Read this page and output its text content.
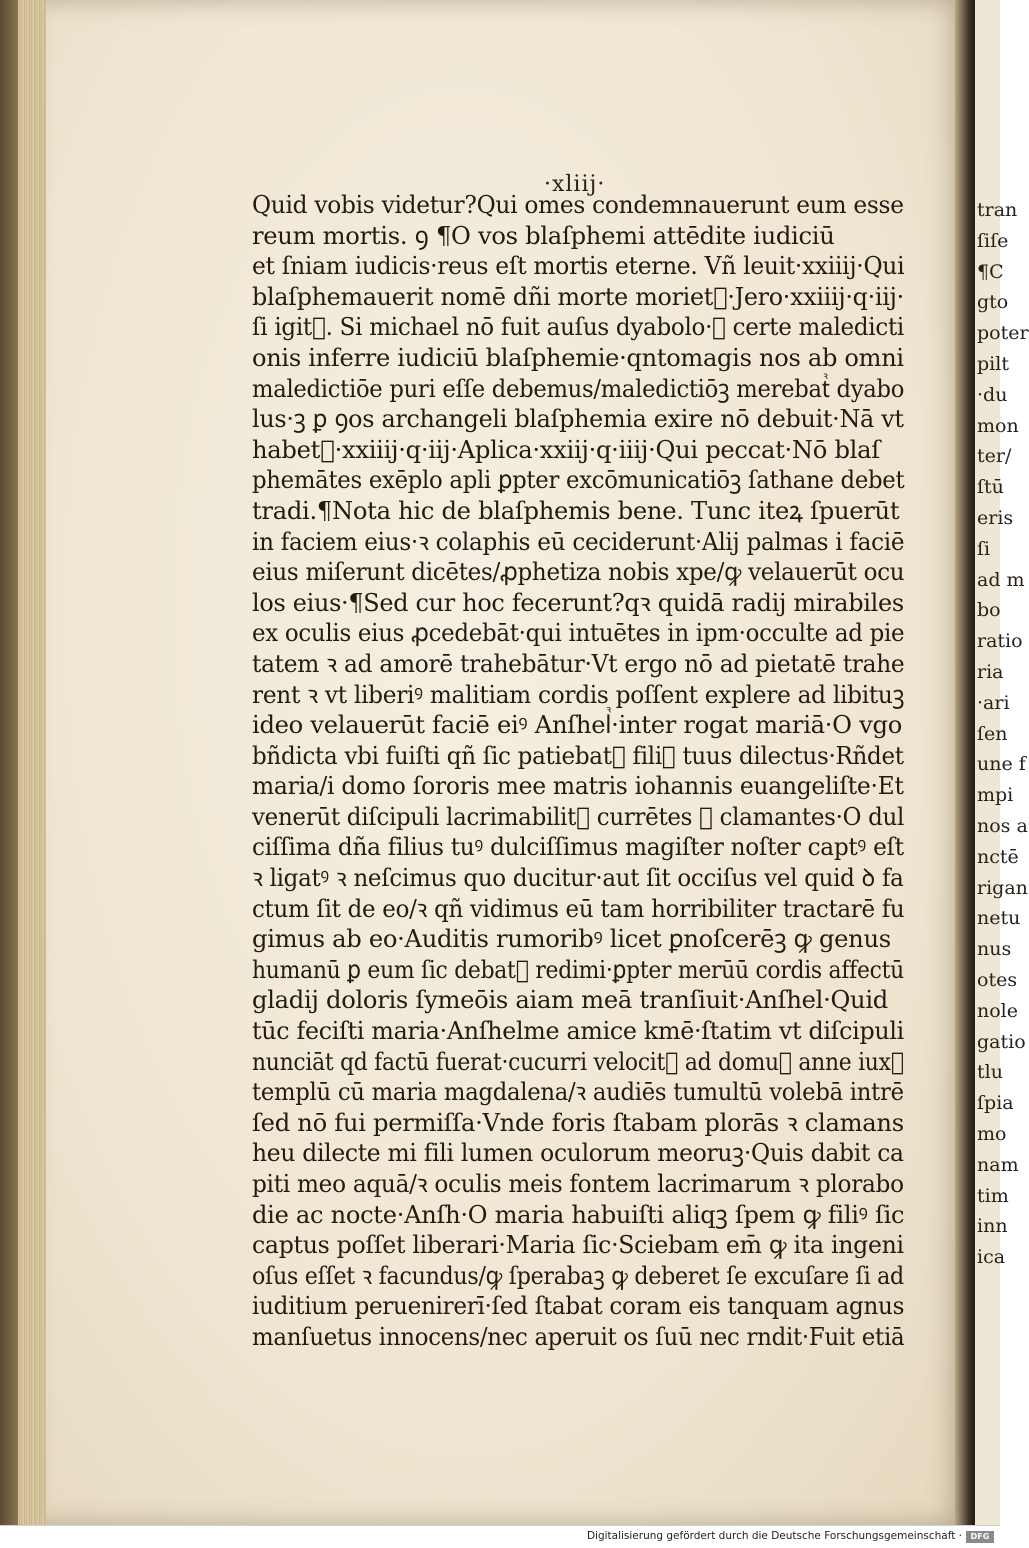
tran
ſiſe
¶C
gto
poter
pilt
·du
mon
ter/
ſtū
eris
ſi
ad m
bo
ratio
ria
·ari
ſen
une f
mpi
nos a
nctē
rigan
netu
nus
otes
nole
gatio
tlu
ſpia
mo
nam
tim
inn
ica
·xliij·
Quid vobis videtur?Qui omes condemnauerunt eum esse
reum mortis. ꝯ ¶O vos blaſphemi attēdite iudiciū
et ſniam iudicis·reus eſt mortis eterne. Vñ leuit·xxiiij·Qui
blaſphemauerit nomē dñi morte morietᷣ·Jero·xxiiij·q·iij·
ſi igitᷣ. Si michael nō fuit auſus dyabolo·ꝛ certe maledicti
onis inferre iudiciū blaſphemie·qntomagis nos ab omni
maledictiōe puri eſſe debemus/maledictiōꝫ merebatᷣ dyabo
lus·ꝫ ꝑ ꝯos archangeli blaſphemia exire nō debuit·Nā vt
habetᷣ·xxiiij·q·iij·Aplica·xxiij·q·iiij·Qui peccat·Nō blaſ
phemātes exēplo apli ꝑpter excōmunicatiōꝫ ſathane debet
tradi.¶Nota hic de blaſphemis bene. Tunc iteꝝ ſpuerūt
in faciem eius·ꝛ colaphis eū ceciderunt·Alij palmas i faciē
eius miſerunt dicētes/ꝓphetiza nobis xpe/ꝙ velauerūt ocu
los eius·¶Sed cur hoc fecerunt?qꝛ quidā radij mirabiles
ex oculis eius ꝓcedebāt·qui intuētes in ipm·occulte ad pie
tatem ꝛ ad amorē trahebātur·Vt ergo nō ad pietatē trahe
rent ꝛ vt liberiꝰ malitiam cordis poſſent explere ad libituꝫ
ideo velauerūt faciē eiꝰ Anſhelᷣ·inter rogat mariā·O vgo
bñdicta vbi fuiſti qñ ſic patiebatᷣ filiꝰ tuus dilectus·Rñdet
maria/i domo ſororis mee matris iohannis euangeliſte·Et
venerūt diſcipuli lacrimabilitᷣ currētes ꝛ clamantes·O dul
ciſſima dña filius tuꝰ dulciſſimus magiſter noſter captꝰ eſt
ꝛ ligatꝰ ꝛ neſcimus quo ducitur·aut ſit occiſus vel quid ꝺ fa
ctum ſit de eo/ꝛ qñ vidimus eū tam horribiliter tractarē fu
gimus ab eo·Auditis rumoribꝰ licet ꝑnoſcerēꝫ ꝙ genus
humanū ꝑ eum ſic debatᷣ redimi·ꝑpter merūū cordis affectū
gladij doloris ſymeōis aiam meā tranſiuit·Anſhel·Quid
tūc feciſti maria·Anſhelme amice kmē·ſtatim vt diſcipuli
nunciāt qd factū fuerat·cucurri velocitᷣ ad domuꝫ anne iuxᷣ
templū cū maria magdalena/ꝛ audiēs tumultū volebā intrē
ſed nō fui permiſſa·Vnde foris ſtabam plorās ꝛ clamans
heu dilecte mi fili lumen oculorum meoruꝫ·Quis dabit ca
piti meo aquā/ꝛ oculis meis fontem lacrimarum ꝛ plorabo
die ac nocte·Anſh·O maria habuiſti aliqꝫ ſpem ꝙ filiꝰ ſic
captus poſſet liberari·Maria ſic·Sciebam em̄ ꝙ ita ingeni
oſus eſſet ꝛ facundus/ꝙ ſperabaꝫ ꝙ deberet ſe excuſare ſi ad
iuditium peruenirerī·ſed ſtabat coram eis tanquam agnus
manſuetus innocens/nec aperuit os ſuū nec rndit·Fuit etiā
Digitalisierung gefördert durch die Deutsche Forschungsgemeinschaft ·	DFG
